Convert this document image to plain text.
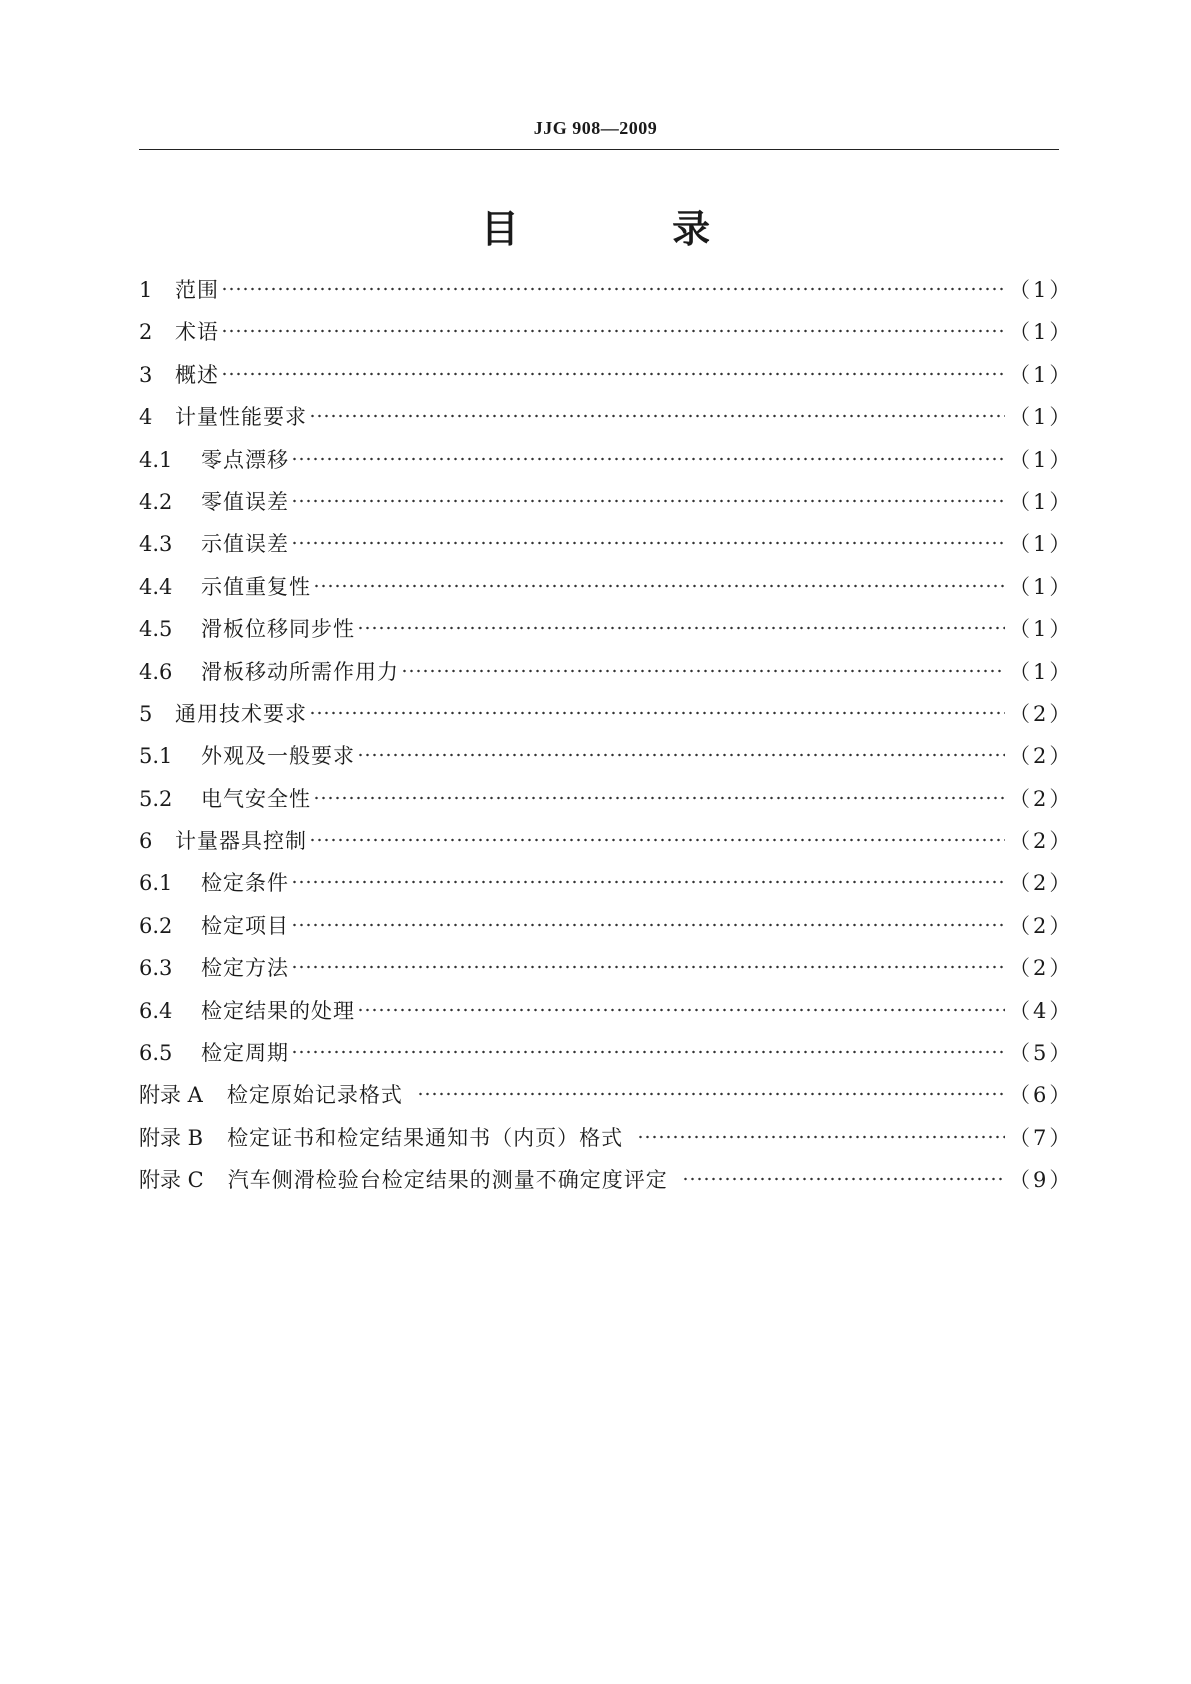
JJG 908—2009
目 录
1	范围	（1）
2	术语	（1）
3	概述	（1）
4	计量性能要求	（1）
4.1	零点漂移	（1）
4.2	零值误差	（1）
4.3	示值误差	（1）
4.4	示值重复性	（1）
4.5	滑板位移同步性	（1）
4.6	滑板移动所需作用力	（1）
5	通用技术要求	（2）
5.1	外观及一般要求	（2）
5.2	电气安全性	（2）
6	计量器具控制	（2）
6.1	检定条件	（2）
6.2	检定项目	（2）
6.3	检定方法	（2）
6.4	检定结果的处理	（4）
6.5	检定周期	（5）
附录 A 检定原始记录格式	（6）
附录 B 检定证书和检定结果通知书（内页）格式	（7）
附录 C 汽车侧滑检验台检定结果的测量不确定度评定	（9）
